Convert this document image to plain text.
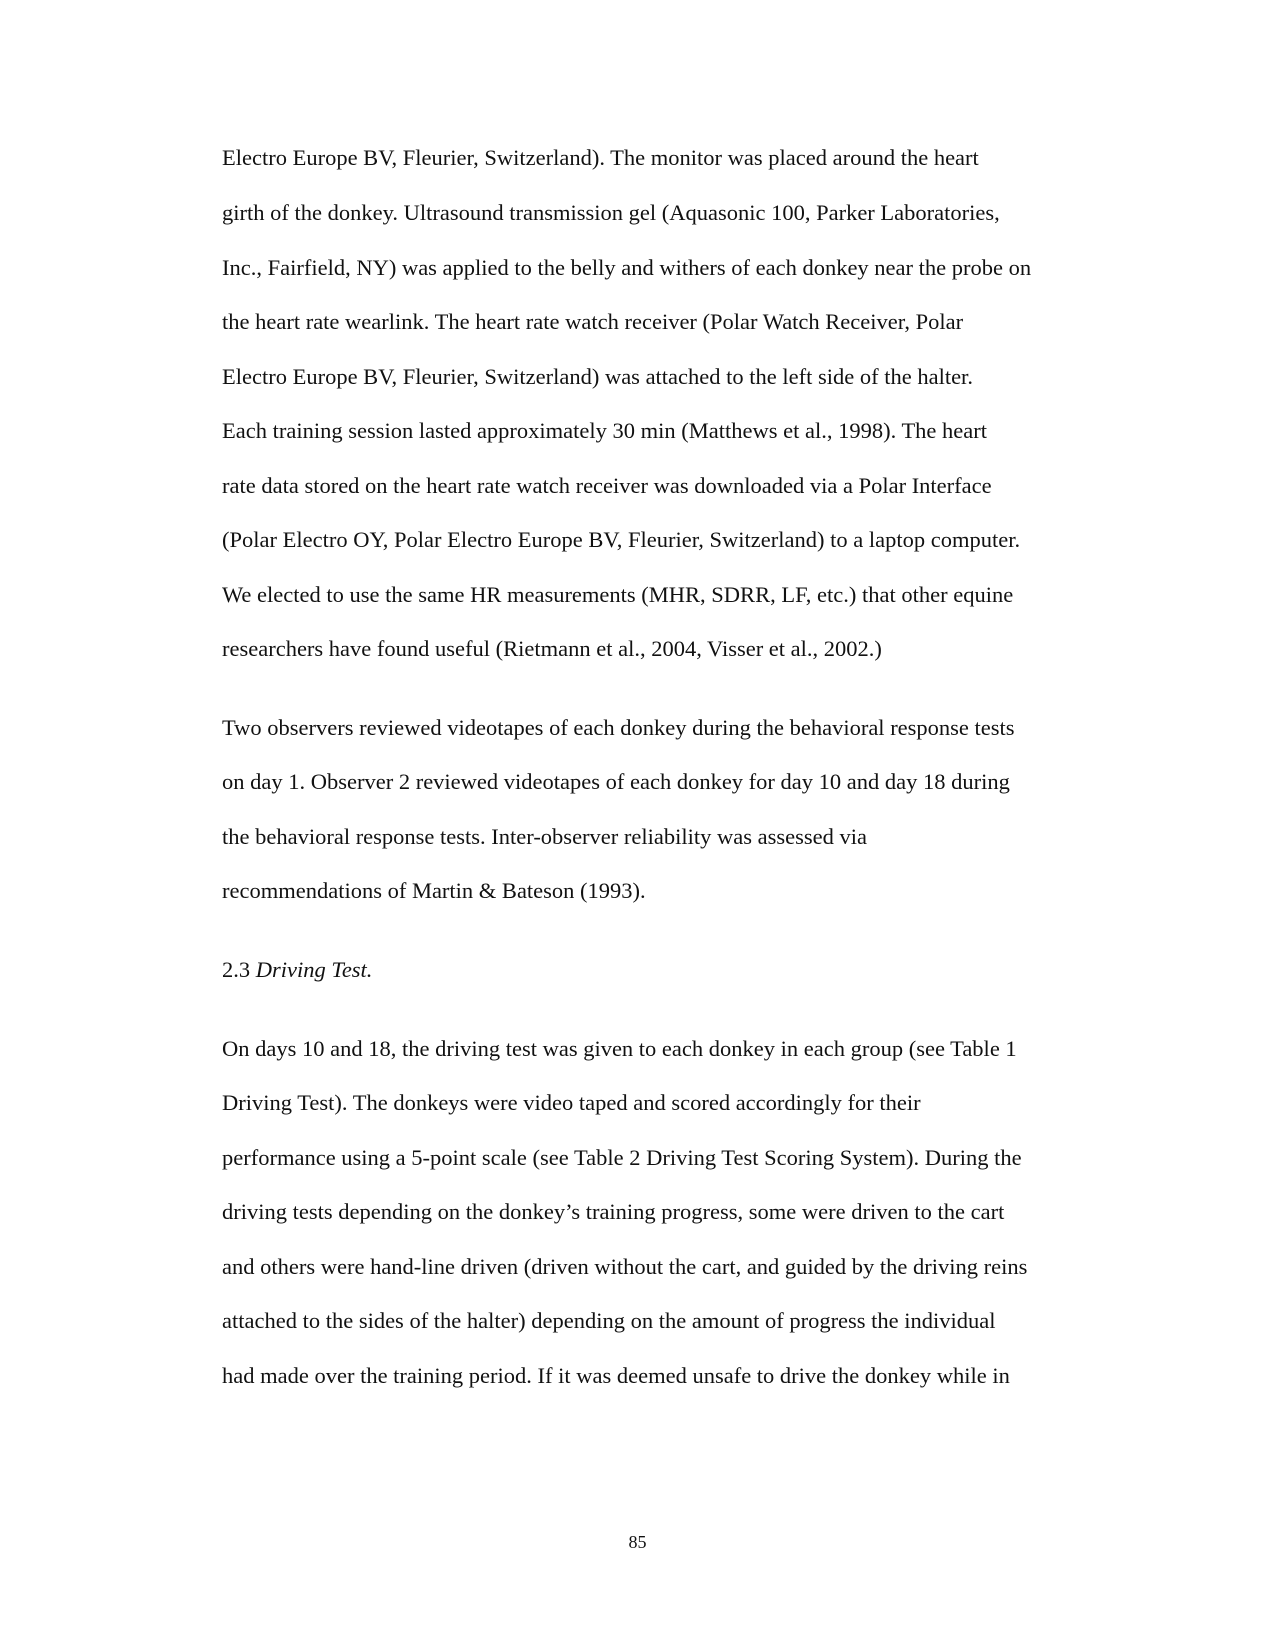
Electro Europe BV, Fleurier, Switzerland). The monitor was placed around the heart
girth of the donkey. Ultrasound transmission gel (Aquasonic 100, Parker Laboratories,
Inc., Fairfield, NY) was applied to the belly and withers of each donkey near the probe on
the heart rate wearlink. The heart rate watch receiver (Polar Watch Receiver, Polar
Electro Europe BV, Fleurier, Switzerland) was attached to the left side of the halter.
Each training session lasted approximately 30 min (Matthews et al., 1998). The heart
rate data stored on the heart rate watch receiver was downloaded via a Polar Interface
(Polar Electro OY, Polar Electro Europe BV, Fleurier, Switzerland) to a laptop computer.
We elected to use the same HR measurements (MHR, SDRR, LF, etc.) that other equine
researchers have found useful (Rietmann et al., 2004, Visser et al., 2002.)
Two observers reviewed videotapes of each donkey during the behavioral response tests
on day 1. Observer 2 reviewed videotapes of each donkey for day 10 and day 18 during
the behavioral response tests. Inter-observer reliability was assessed via
recommendations of Martin & Bateson (1993).
2.3 Driving Test.
On days 10 and 18, the driving test was given to each donkey in each group (see Table 1
Driving Test). The donkeys were video taped and scored accordingly for their
performance using a 5-point scale (see Table 2 Driving Test Scoring System). During the
driving tests depending on the donkey’s training progress, some were driven to the cart
and others were hand-line driven (driven without the cart, and guided by the driving reins
attached to the sides of the halter) depending on the amount of progress the individual
had made over the training period. If it was deemed unsafe to drive the donkey while in
85
